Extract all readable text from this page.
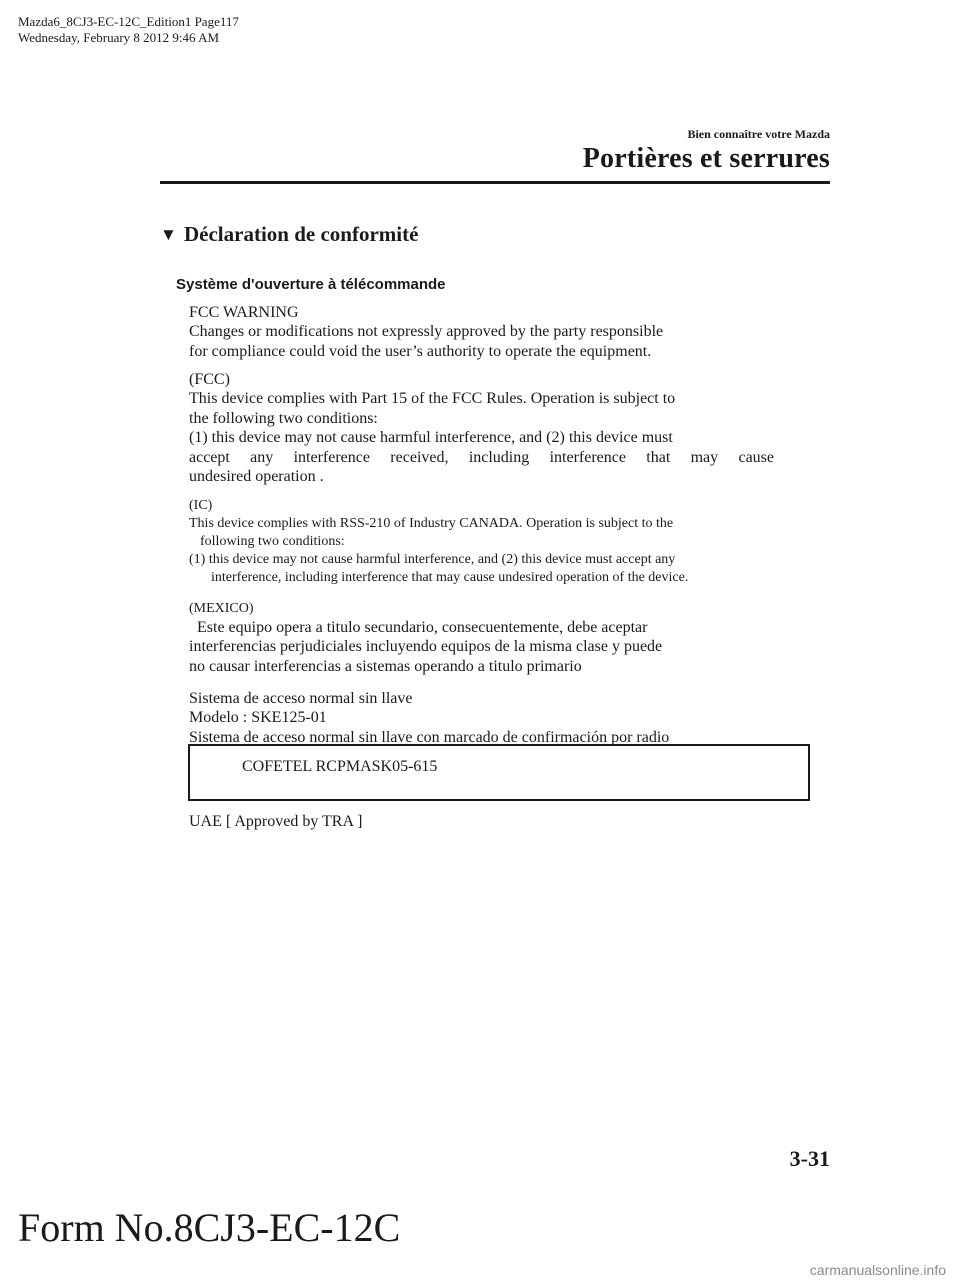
Mazda6_8CJ3-EC-12C_Edition1 Page117
Wednesday, February 8 2012 9:46 AM
Bien connaître votre Mazda
Portières et serrures
▼ Déclaration de conformité
Système d'ouverture à télécommande

FCC WARNING

Changes or modifications not expressly approved by the party responsible

for compliance could void the user’s authority to operate the equipment.

(FCC)

This device complies with Part 15 of the FCC Rules. Operation is subject to

the following two conditions:

(1) this device may not cause harmful interference, and (2) this device must

accept any interference received, including interference that may cause

undesired operation .

(IC)

This device complies with RSS-210 of Industry CANADA. Operation is subject to the

following two conditions:

(1) this device may not cause harmful interference, and (2) this device must accept any

interference, including interference that may cause undesired operation of the device.

(MEXICO)

Este equipo opera a titulo secundario, consecuentemente, debe aceptar

interferencias perjudiciales incluyendo equipos de la misma clase y puede

no causar interferencias a sistemas operando a titulo primario

Sistema de acceso normal sin llave

Modelo : SKE125-01

Sistema de acceso normal sin llave con marcado de confirmación por radio

COFETEL RCPMASK05-615

UAE [ Approved by TRA ]

3-31
Form No.8CJ3-EC-12C
carmanualsonline.info
